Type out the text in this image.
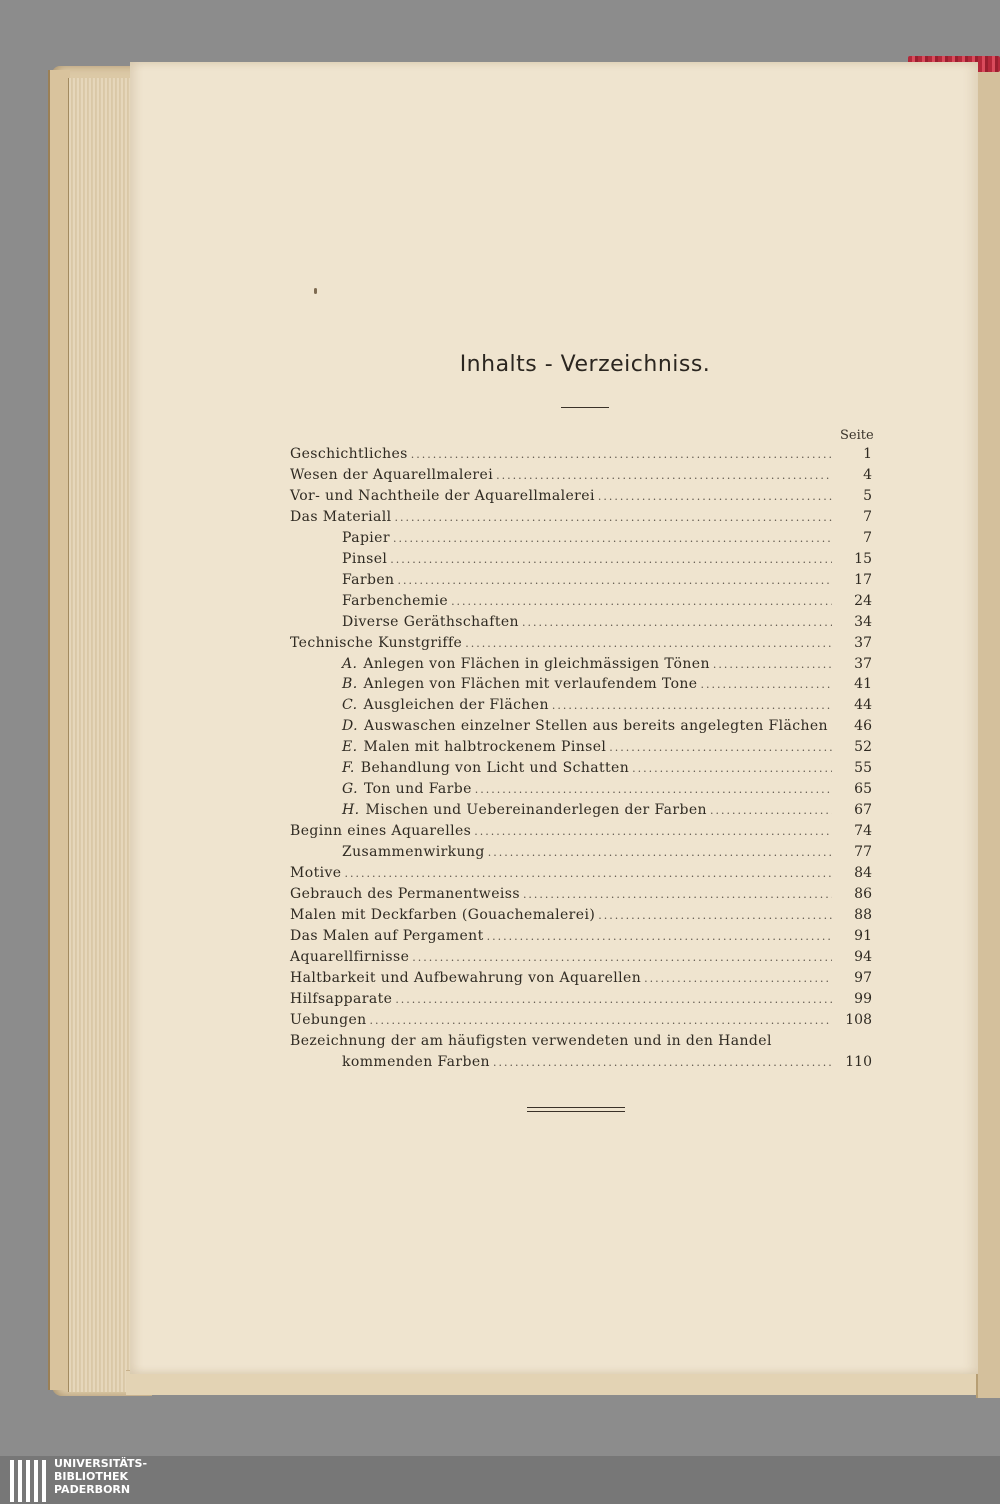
Inhalts - Verzeichniss.
Seite
Geschichtliches .....	1
Wesen der Aquarellmalerei .....	4
Vor- und Nachtheile der Aquarellmalerei .....	5
Das Materiall .....	7
Papier .....	7
Pinsel .....	15
Farben .....	17
Farbenchemie .....	24
Diverse Geräthschaften .....	34
Technische Kunstgriffe .....	37
A. Anlegen von Flächen in gleichmässigen Tönen .....	37
B. Anlegen von Flächen mit verlaufendem Tone .....	41
C. Ausgleichen der Flächen .....	44
D. Auswaschen einzelner Stellen aus bereits angelegten Flächen .....	46
E. Malen mit halbtrockenem Pinsel .....	52
F. Behandlung von Licht und Schatten .....	55
G. Ton und Farbe .....	65
H. Mischen und Uebereinanderlegen der Farben .....	67
Beginn eines Aquarelles .....	74
Zusammenwirkung .....	77
Motive .....	84
Gebrauch des Permanentweiss .....	86
Malen mit Deckfarben (Gouachemalerei) .....	88
Das Malen auf Pergament .....	91
Aquarellfirnisse .....	94
Haltbarkeit und Aufbewahrung von Aquarellen .....	97
Hilfsapparate .....	99
Uebungen .....	108
Bezeichnung der am häufigsten verwendeten und in den Handel
kommenden Farben .....	110
UNIVERSITÄTS-
BIBLIOTHEK
PADERBORN
